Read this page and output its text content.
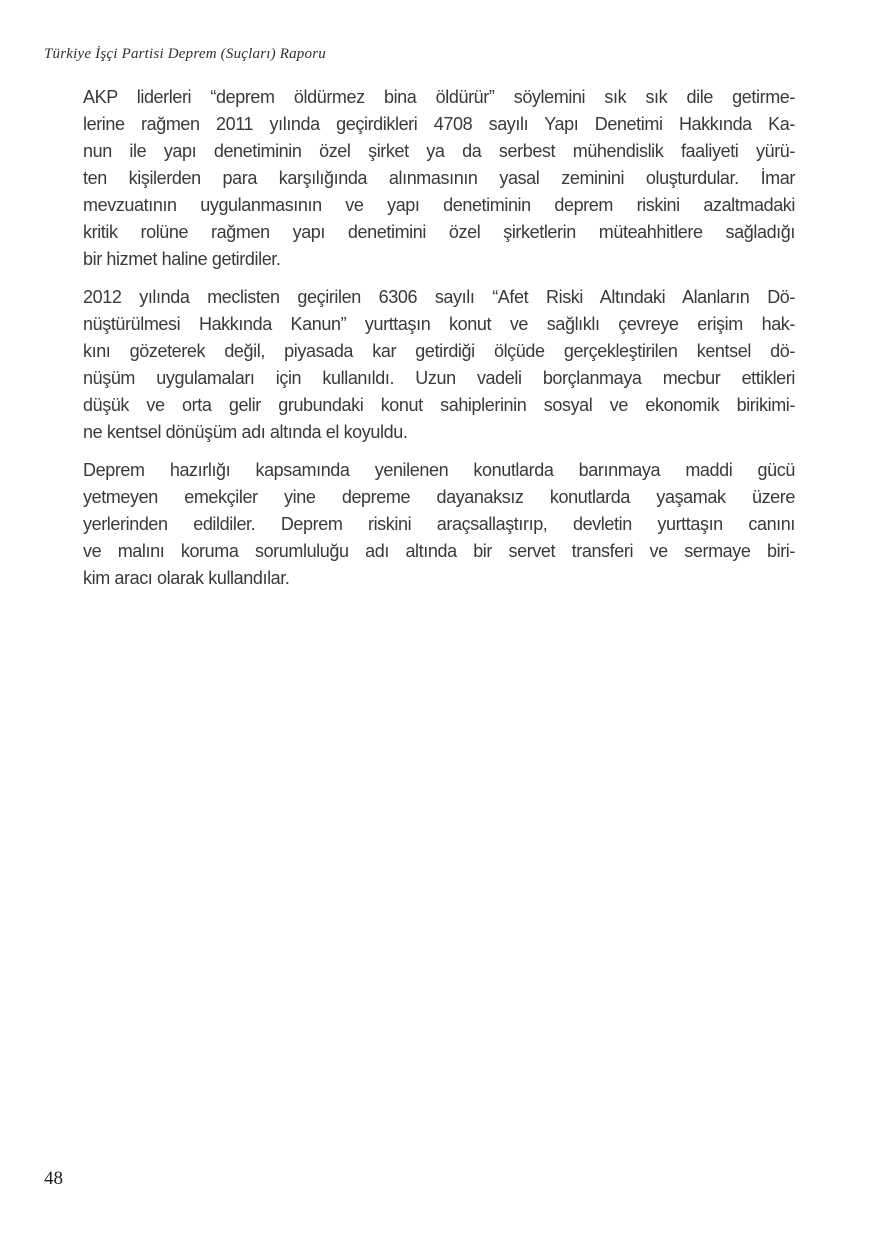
Türkiye İşçi Partisi Deprem (Suçları) Raporu
AKP liderleri “deprem öldürmez bina öldürür” söylemini sık sık dile getirme-
lerine rağmen 2011 yılında geçirdikleri 4708 sayılı Yapı Denetimi Hakkında Ka-
nun ile yapı denetiminin özel şirket ya da serbest mühendislik faaliyeti yürü-
ten kişilerden para karşılığında alınmasının yasal zeminini oluşturdular. İmar
mevzuatının uygulanmasının ve yapı denetiminin deprem riskini azaltmadaki
kritik rolüne rağmen yapı denetimini özel şirketlerin müteahhitlere sağladığı
bir hizmet haline getirdiler.
2012 yılında meclisten geçirilen 6306 sayılı “Afet Riski Altındaki Alanların Dö-
nüştürülmesi Hakkında Kanun” yurttaşın konut ve sağlıklı çevreye erişim hak-
kını gözeterek değil, piyasada kar getirdiği ölçüde gerçekleştirilen kentsel dö-
nüşüm uygulamaları için kullanıldı. Uzun vadeli borçlanmaya mecbur ettikleri
düşük ve orta gelir grubundaki konut sahiplerinin sosyal ve ekonomik birikimi-
ne kentsel dönüşüm adı altında el koyuldu.
Deprem hazırlığı kapsamında yenilenen konutlarda barınmaya maddi gücü
yetmeyen emekçiler yine depreme dayanaksız konutlarda yaşamak üzere
yerlerinden edildiler. Deprem riskini araçsallaştırıp, devletin yurttaşın canını
ve malını koruma sorumluluğu adı altında bir servet transferi ve sermaye biri-
kim aracı olarak kullandılar.
48
